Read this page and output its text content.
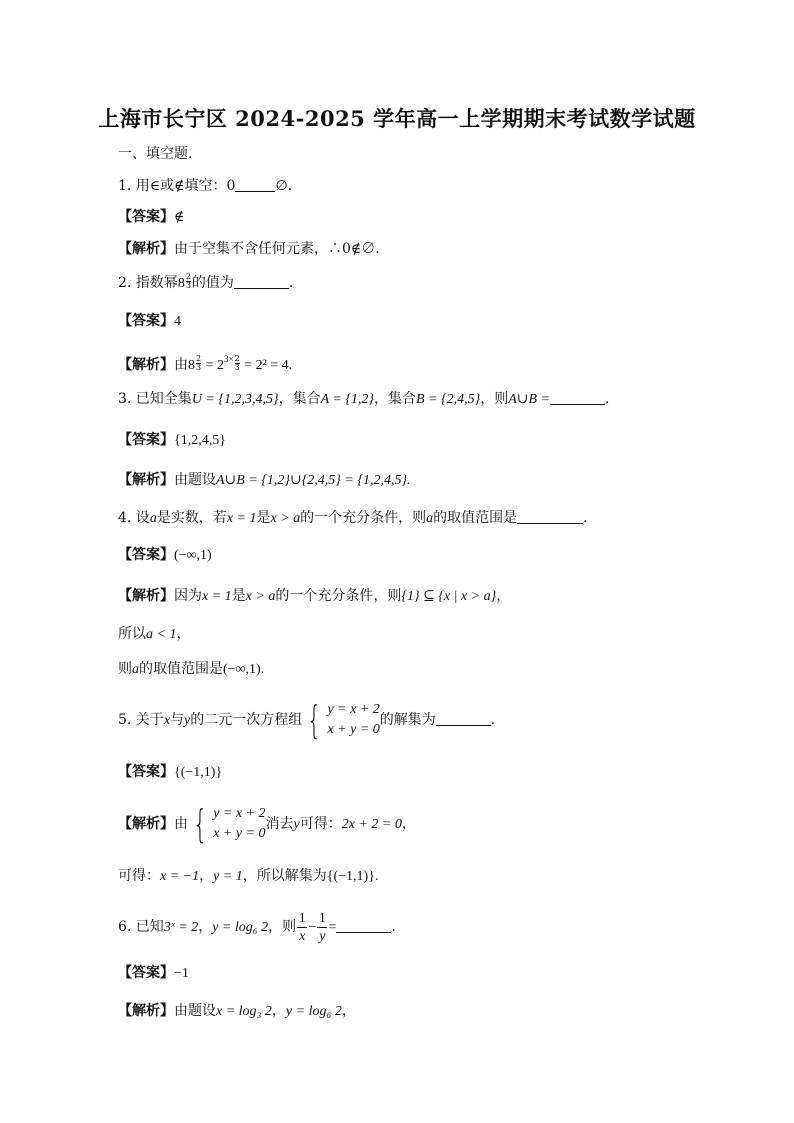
上海市长宁区 2024-2025 学年高一上学期期末考试数学试题
一、填空题.
1. 用∈或∉填空：0	∅.
【答案】∉
【解析】由于空集不含任何元素，∴0∉∅.
2. 指数幂$8 \frac{2}{3}$ 的值为	.
【答案】4
【解析】由$8 \frac{2}{3} = 2^{3\times} \frac{2}{3} = 2^2 = 4$.
3. 已知全集U = {1,2,3,4,5}，集合A = {1,2}，集合B = {2,4,5}，则A∪B =	.
【答案】{1,2,4,5}
【解析】由题设A∪B = {1,2}∪{2,4,5} = {1,2,4,5}.
4. 设a是实数，若x = 1是x > a的一个充分条件，则a的取值范围是	.
【答案】(−∞,1)
【解析】因为x = 1是x > a的一个充分条件，则{1} ⊆ {x | x > a}，
所以a < 1，
则a的取值范围是(−∞,1).
5. 关于x与y的二元一次方程组 { y = x + 2
x + y = 0
的解集为	.
【答案】{(−1,1)}
【解析】由 { y = x + 2
x + y = 0
消去y可得：2x + 2 = 0，
可得：x = −1，y = 1，所以解集为{(−1,1)}.
6. 已知3ˣ = 2，y = log₆ 2，则 $\frac{1}{x} - \frac{1}{y}$ =	.
【答案】−1
【解析】由题设x = log₃ 2，y = log₆ 2，
